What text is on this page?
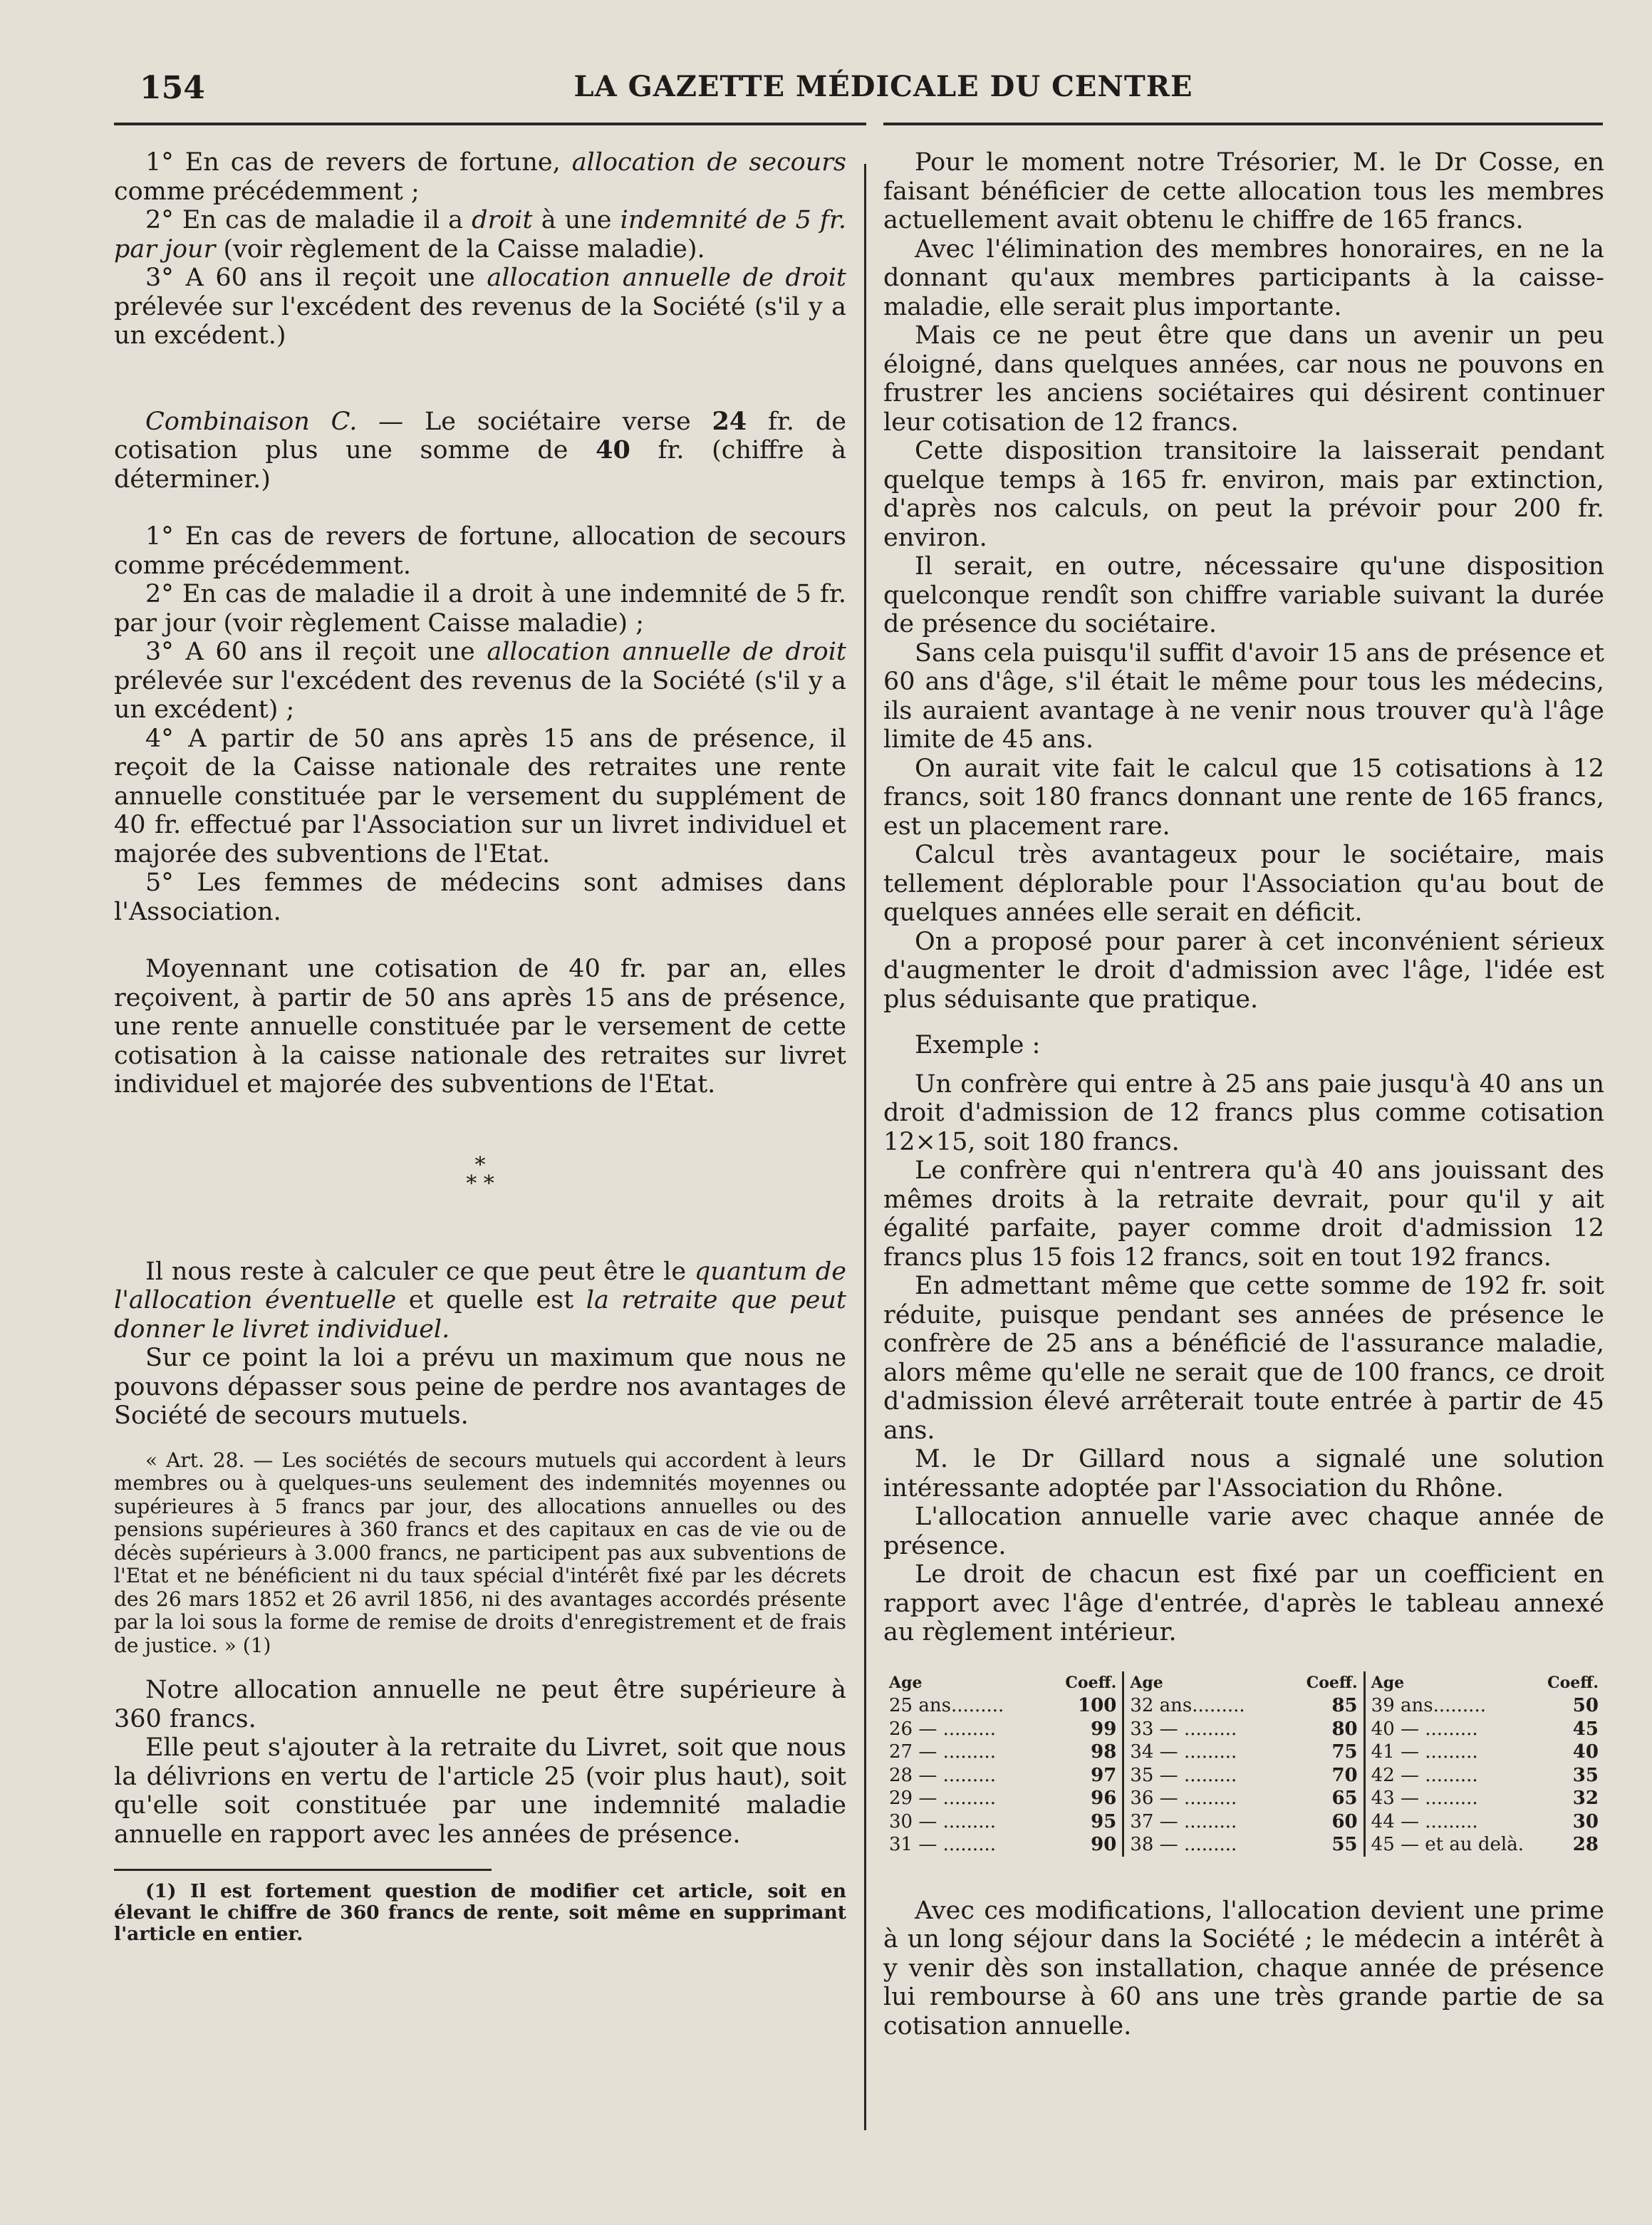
154	LA GAZETTE MÉDICALE DU CENTRE

1° En cas de revers de fortune, allocation de secours comme précédemment ;

2° En cas de maladie il a droit à une indemnité de 5 fr. par jour (voir règlement de la Caisse maladie).

3° A 60 ans il reçoit une allocation annuelle de droit prélevée sur l'excédent des revenus de la Société (s'il y a un excédent.)

Combinaison C. — Le sociétaire verse 24 fr. de cotisation plus une somme de 40 fr. (chiffre à déterminer.)

1° En cas de revers de fortune, allocation de secours comme précédemment.

2° En cas de maladie il a droit à une indemnité de 5 fr. par jour (voir règlement Caisse maladie) ;

3° A 60 ans il reçoit une allocation annuelle de droit prélevée sur l'excédent des revenus de la Société (s'il y a un excédent) ;

4° A partir de 50 ans après 15 ans de présence, il reçoit de la Caisse nationale des retraites une rente annuelle constituée par le versement du supplément de 40 fr. effectué par l'Association sur un livret individuel et majorée des subventions de l'Etat.

5° Les femmes de médecins sont admises dans l'Association.

Moyennant une cotisation de 40 fr. par an, elles reçoivent, à partir de 50 ans après 15 ans de présence, une rente annuelle constituée par le versement de cette cotisation à la caisse nationale des retraites sur livret individuel et majorée des subventions de l'Etat.

*
* *

Il nous reste à calculer ce que peut être le quantum de l'allocation éventuelle et quelle est la retraite que peut donner le livret individuel.

Sur ce point la loi a prévu un maximum que nous ne pouvons dépasser sous peine de perdre nos avantages de Société de secours mutuels.

« Art. 28. — Les sociétés de secours mutuels qui accordent à leurs membres ou à quelques-uns seulement des indemnités moyennes ou supérieures à 5 francs par jour, des allocations annuelles ou des pensions supérieures à 360 francs et des capitaux en cas de vie ou de décès supérieurs à 3.000 francs, ne participent pas aux subventions de l'Etat et ne bénéficient ni du taux spécial d'intérêt fixé par les décrets des 26 mars 1852 et 26 avril 1856, ni des avantages accordés présente par la loi sous la forme de remise de droits d'enregistrement et de frais de justice. » (1)

Notre allocation annuelle ne peut être supérieure à 360 francs.

Elle peut s'ajouter à la retraite du Livret, soit que nous la délivrions en vertu de l'article 25 (voir plus haut), soit qu'elle soit constituée par une indemnité maladie annuelle en rapport avec les années de présence.

(1) Il est fortement question de modifier cet article, soit en élevant le chiffre de 360 francs de rente, soit même en supprimant l'article en entier.

Pour le moment notre Trésorier, M. le Dr Cosse, en faisant bénéficier de cette allocation tous les membres actuellement avait obtenu le chiffre de 165 francs.

Avec l'élimination des membres honoraires, en ne la donnant qu'aux membres participants à la caisse-maladie, elle serait plus importante.

Mais ce ne peut être que dans un avenir un peu éloigné, dans quelques années, car nous ne pouvons en frustrer les anciens sociétaires qui désirent continuer leur cotisation de 12 francs.

Cette disposition transitoire la laisserait pendant quelque temps à 165 fr. environ, mais par extinction, d'après nos calculs, on peut la prévoir pour 200 fr. environ.

Il serait, en outre, nécessaire qu'une disposition quelconque rendît son chiffre variable suivant la durée de présence du sociétaire.

Sans cela puisqu'il suffit d'avoir 15 ans de présence et 60 ans d'âge, s'il était le même pour tous les médecins, ils auraient avantage à ne venir nous trouver qu'à l'âge limite de 45 ans.

On aurait vite fait le calcul que 15 cotisations à 12 francs, soit 180 francs donnant une rente de 165 francs, est un placement rare.

Calcul très avantageux pour le sociétaire, mais tellement déplorable pour l'Association qu'au bout de quelques années elle serait en déficit.

On a proposé pour parer à cet inconvénient sérieux d'augmenter le droit d'admission avec l'âge, l'idée est plus séduisante que pratique.

Exemple :

Un confrère qui entre à 25 ans paie jusqu'à 40 ans un droit d'admission de 12 francs plus comme cotisation 12×15, soit 180 francs.

Le confrère qui n'entrera qu'à 40 ans jouissant des mêmes droits à la retraite devrait, pour qu'il y ait égalité parfaite, payer comme droit d'admission 12 francs plus 15 fois 12 francs, soit en tout 192 francs.

En admettant même que cette somme de 192 fr. soit réduite, puisque pendant ses années de présence le confrère de 25 ans a bénéficié de l'assurance maladie, alors même qu'elle ne serait que de 100 francs, ce droit d'admission élevé arrêterait toute entrée à partir de 45 ans.

M. le Dr Gillard nous a signalé une solution intéressante adoptée par l'Association du Rhône.

L'allocation annuelle varie avec chaque année de présence.

Le droit de chacun est fixé par un coefficient en rapport avec l'âge d'entrée, d'après le tableau annexé au règlement intérieur.

Age	Coeff.
25 ans.........	100
26 — .........	99
27 — .........	98
28 — .........	97
29 — .........	96
30 — .........	95
31 — .........	90
Age	Coeff.
32 ans.........	85
33 — .........	80
34 — .........	75
35 — .........	70
36 — .........	65
37 — .........	60
38 — .........	55
Age	Coeff.
39 ans.........	50
40 — .........	45
41 — .........	40
42 — .........	35
43 — .........	32
44 — .........	30
45 — et au delà.	28

Avec ces modifications, l'allocation devient une prime à un long séjour dans la Société ; le médecin a intérêt à y venir dès son installation, chaque année de présence lui rembourse à 60 ans une très grande partie de sa cotisation annuelle.
